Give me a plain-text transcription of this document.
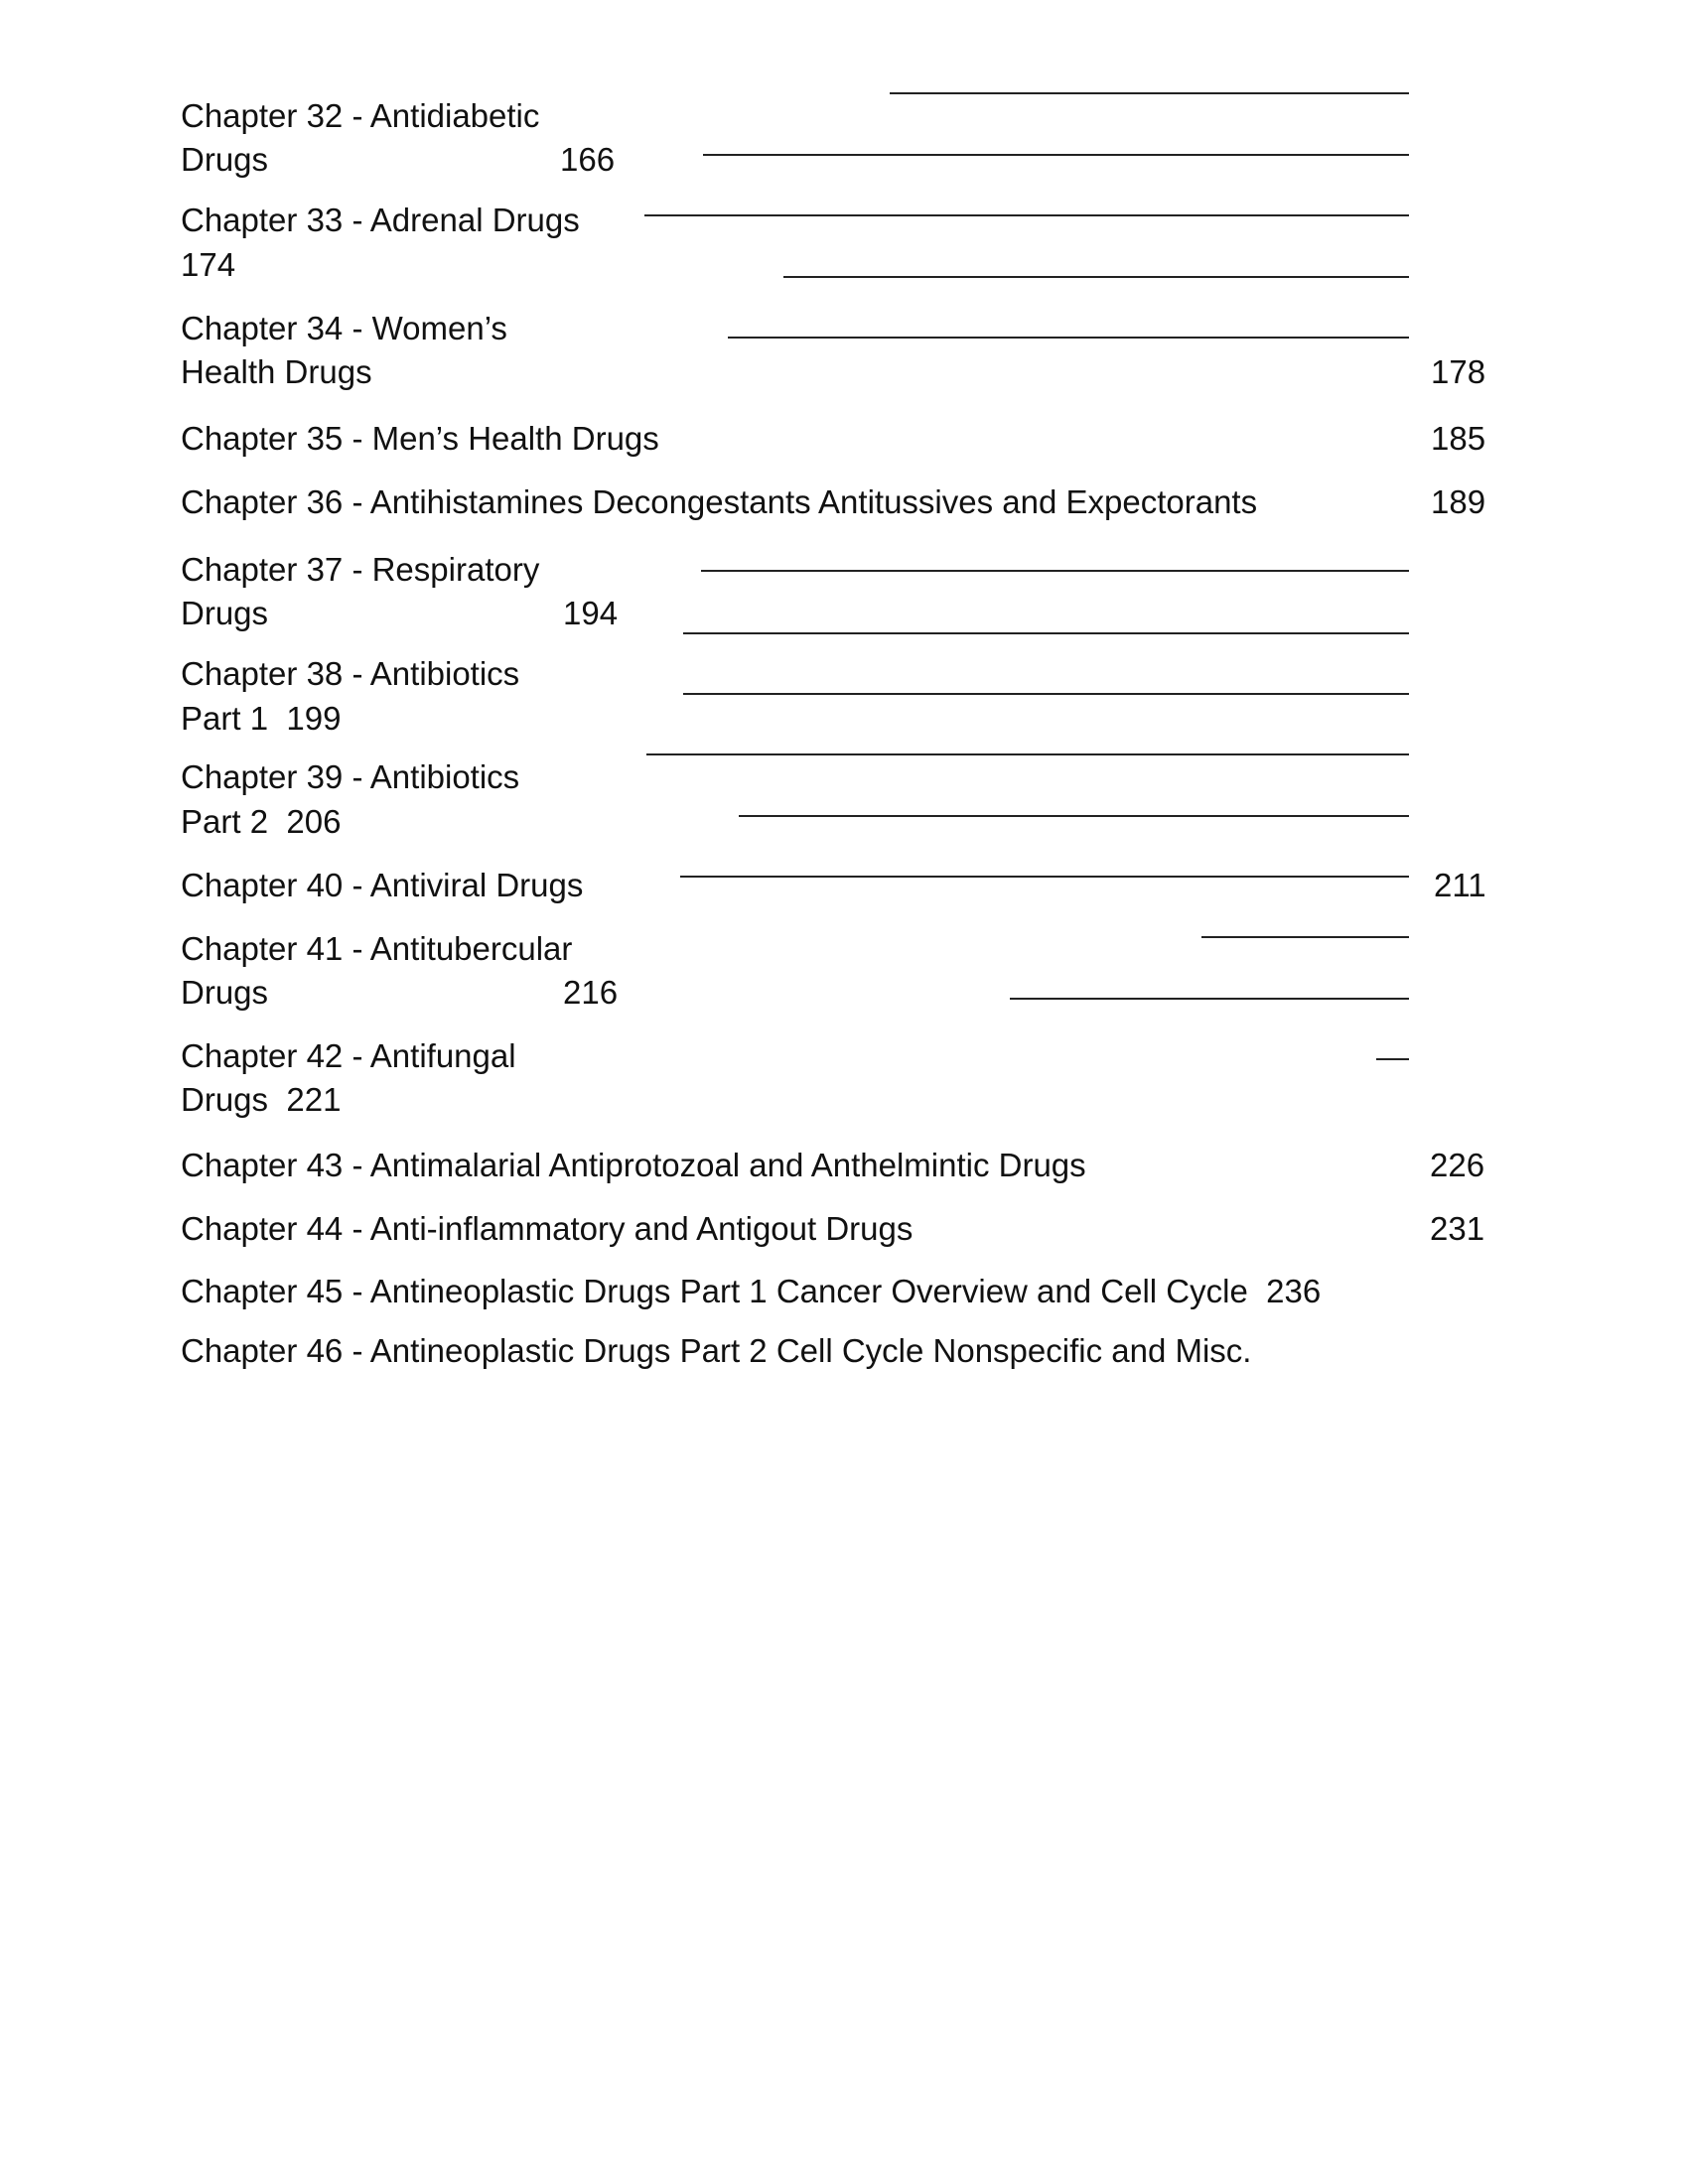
Chapter 32 - Antidiabetic
Drugs	166
Chapter 33 - Adrenal Drugs
174
Chapter 34 - Women’s
Health Drugs	178
Chapter 35 - Men’s Health Drugs	185
Chapter 36 - Antihistamines Decongestants Antitussives and Expectorants	189
Chapter 37 - Respiratory
Drugs	194
Chapter 38 - Antibiotics
Part 1  199
Chapter 39 - Antibiotics
Part 2  206
Chapter 40 - Antiviral Drugs	211
Chapter 41 - Antitubercular
Drugs	216
Chapter 42 - Antifungal
Drugs  221
Chapter 43 - Antimalarial Antiprotozoal and Anthelmintic Drugs	226
Chapter 44 - Anti-inflammatory and Antigout Drugs	231
Chapter 45 - Antineoplastic Drugs Part 1 Cancer Overview and Cell Cycle  236
Chapter 46 - Antineoplastic Drugs Part 2 Cell Cycle Nonspecific and Misc.
